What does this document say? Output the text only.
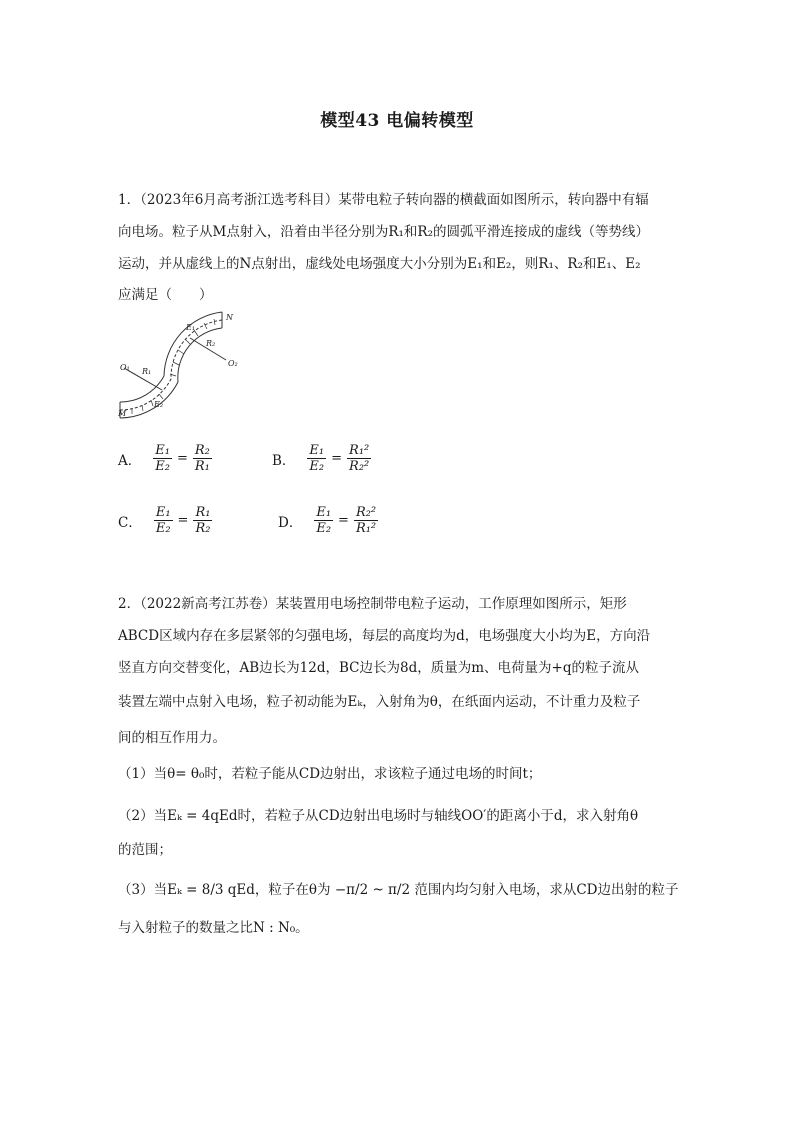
模型43 电偏转模型
1．（2023年6月高考浙江选考科目）某带电粒子转向器的横截面如图所示，转向器中有辐
向电场。粒子从M点射入，沿着由半径分别为R₁和R₂的圆弧平滑连接成的虚线（等势线）
运动，并从虚线上的N点射出，虚线处电场强度大小分别为E₁和E₂，则R₁、R₂和E₁、E₂
应满足（　　）
N
M
O₁	O₂
R₁
R₂
E₁
E₂
A． $\frac{\text{E₁}}{\text{E₂}} = \frac{\text{R₂}}{\text{R₁}}$	B． $\frac{\text{E₁}}{\text{E₂}} = \frac{\text{R₁²}}{\text{R₂²}}$
C． $\frac{\text{E₁}}{\text{E₂}} = \frac{\text{R₁}}{\text{R₂}}$	D． $\frac{\text{E₁}}{\text{E₂}} = \frac{\text{R₂²}}{\text{R₁²}}$
2．（2022新高考江苏卷）某装置用电场控制带电粒子运动，工作原理如图所示，矩形
ABCD区域内存在多层紧邻的匀强电场，每层的高度均为d，电场强度大小均为E，方向沿
竖直方向交替变化，AB边长为12d，BC边长为8d，质量为m、电荷量为+q的粒子流从
装置左端中点射入电场，粒子初动能为Eₖ，入射角为θ，在纸面内运动，不计重力及粒子
间的相互作用力。
（1）当θ= θ₀时，若粒子能从CD边射出，求该粒子通过电场的时间t；
（2）当Eₖ = 4qEd时，若粒子从CD边射出电场时与轴线OO′的距离小于d，求入射角θ
的范围；
（3）当Eₖ = 8/3 qEd，粒子在θ为 −π/2 ~ π/2 范围内均匀射入电场，求从CD边出射的粒子
与入射粒子的数量之比N : N₀。
